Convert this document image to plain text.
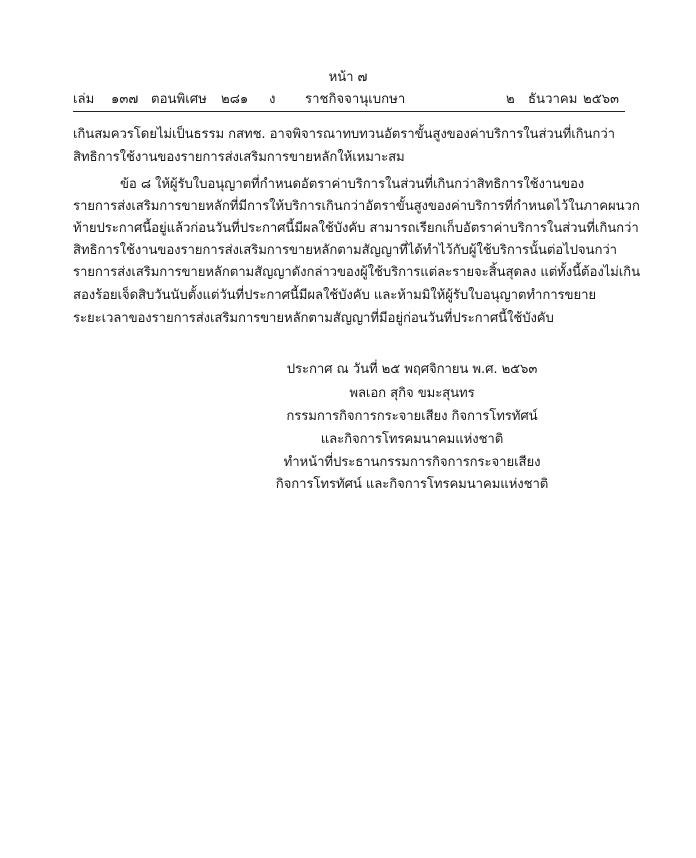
หน้า ๗
เล่ม ๑๓๗ ตอนพิเศษ ๒๘๑ ง ราชกิจจานุเบกษา	๒ ธันวาคม ๒๕๖๓
เกินสมควรโดยไม่เป็นธรรม กสทช. อาจพิจารณาทบทวนอัตราขั้นสูงของค่าบริการในส่วนที่เกินกว่า
สิทธิการใช้งานของรายการส่งเสริมการขายหลักให้เหมาะสม
ข้อ ๘ ให้ผู้รับใบอนุญาตที่กำหนดอัตราค่าบริการในส่วนที่เกินกว่าสิทธิการใช้งานของ
รายการส่งเสริมการขายหลักที่มีการให้บริการเกินกว่าอัตราขั้นสูงของค่าบริการที่กำหนดไว้ในภาคผนวก
ท้ายประกาศนี้อยู่แล้วก่อนวันที่ประกาศนี้มีผลใช้บังคับ สามารถเรียกเก็บอัตราค่าบริการในส่วนที่เกินกว่า
สิทธิการใช้งานของรายการส่งเสริมการขายหลักตามสัญญาที่ได้ทำไว้กับผู้ใช้บริการนั้นต่อไปจนกว่า
รายการส่งเสริมการขายหลักตามสัญญาดังกล่าวของผู้ใช้บริการแต่ละรายจะสิ้นสุดลง แต่ทั้งนี้ต้องไม่เกิน
สองร้อยเจ็ดสิบวันนับตั้งแต่วันที่ประกาศนี้มีผลใช้บังคับ และห้ามมิให้ผู้รับใบอนุญาตทำการขยาย
ระยะเวลาของรายการส่งเสริมการขายหลักตามสัญญาที่มีอยู่ก่อนวันที่ประกาศนี้ใช้บังคับ
ประกาศ ณ วันที่ ๒๕ พฤศจิกายน พ.ศ. ๒๕๖๓
พลเอก สุกิจ ขมะสุนทร
กรรมการกิจการกระจายเสียง กิจการโทรทัศน์
และกิจการโทรคมนาคมแห่งชาติ
ทำหน้าที่ประธานกรรมการกิจการกระจายเสียง
กิจการโทรทัศน์ และกิจการโทรคมนาคมแห่งชาติ
